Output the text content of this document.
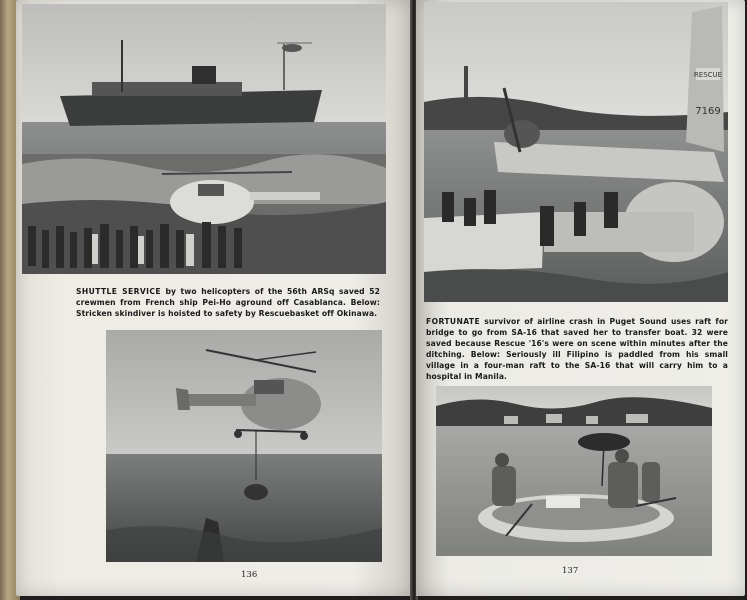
SHUTTLE SERVICE by two helicopters of the 56th ARSq saved 52 crewmen from French ship Pei-Ho aground off Casablanca. Below: Stricken skindiver is hoisted to safety by Rescuebasket off Okinawa.
136
RESCUE
7169
FORTUNATE survivor of airline crash in Puget Sound uses raft for bridge to go from SA-16 that saved her to transfer boat. 32 were saved because Rescue '16's were on scene within minutes after the ditching. Below: Seriously ill Filipino is paddled from his small village in a four-man raft to the SA-16 that will carry him to a hospital in Manila.
137
